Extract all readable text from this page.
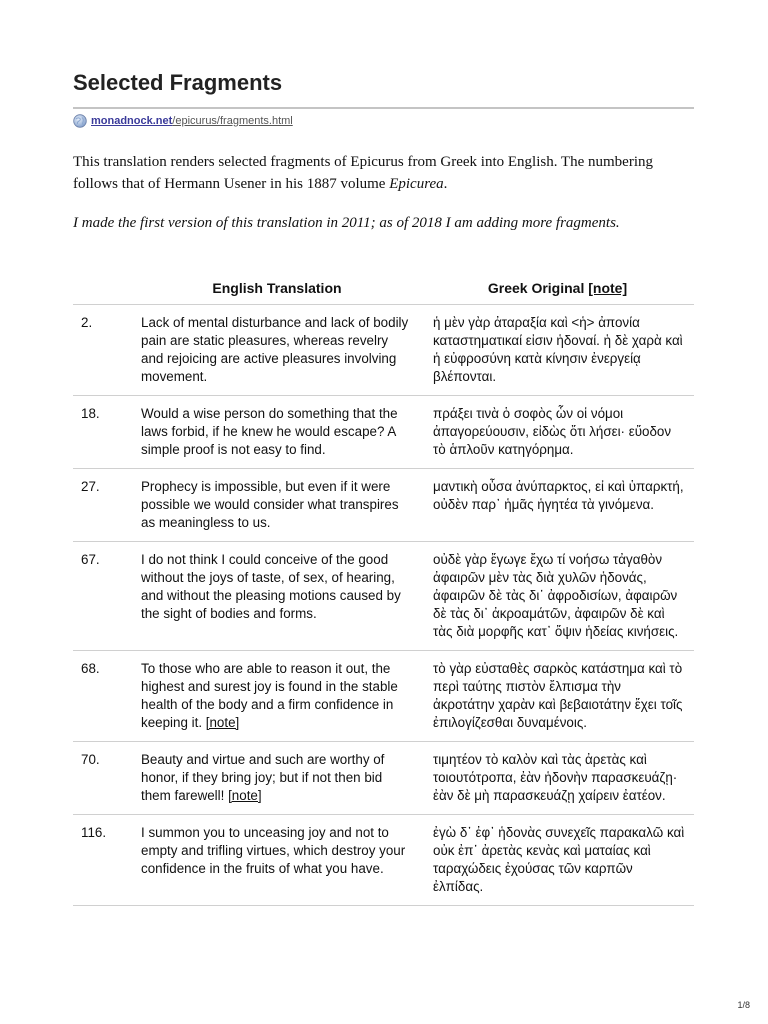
Selected Fragments
monadnock.net /epicurus/fragments.html

This translation renders selected fragments of Epicurus from Greek into English. The numbering follows that of Hermann Usener in his 1887 volume Epicurea.

I made the first version of this translation in 2011; as of 2018 I am adding more fragments.

	English Translation	Greek Original [note]
2.	Lack of mental disturbance and lack of bodily pain are static pleasures, whereas revelry and rejoicing are active pleasures involving movement.	ἡ μὲν γὰρ ἀταραξία καὶ <ἡ> ἀπονία καταστηματικαί εἰσιν ἡδοναί. ἡ δὲ χαρὰ καὶ ἡ εὐφροσύνη κατὰ κίνησιν ἐνεργείᾳ βλέπονται.
18.	Would a wise person do something that the laws forbid, if he knew he would escape? A simple proof is not easy to find.	πράξει τινὰ ὁ σοφὸς ὧν οἱ νόμοι ἀπαγορεύουσιν, εἰδὼς ὅτι λήσει· εὔοδον τὸ ἁπλοῦν κατηγόρημα.
27.	Prophecy is impossible, but even if it were possible we would consider what transpires as meaningless to us.	μαντικὴ οὖσα ἀνύπαρκτος, εἰ καὶ ὑπαρκτή, οὐδὲν παρ᾽ ἡμᾶς ἡγητέα τὰ γινόμενα.
67.	I do not think I could conceive of the good without the joys of taste, of sex, of hearing, and without the pleasing motions caused by the sight of bodies and forms.	οὐδὲ γὰρ ἔγωγε ἔχω τί νοήσω τἀγαθὸν ἀφαιρῶν μὲν τὰς διὰ χυλῶν ἡδονάς, ἀφαιρῶν δὲ τὰς δι᾽ ἀφροδισίων, ἀφαιρῶν δὲ τὰς δι᾽ ἀκροαμάτῶν, ἀφαιρῶν δὲ καὶ τὰς διὰ μορφῆς κατ᾽ ὄψιν ἡδείας κινήσεις.
68.	To those who are able to reason it out, the highest and surest joy is found in the stable health of the body and a firm confidence in keeping it. [note]	τὸ γὰρ εὐσταθὲς σαρκὸς κατάστημα καὶ τὸ περὶ ταύτης πιστὸν ἔλπισμα τὴν ἀκροτάτην χαρὰν καὶ βεβαιοτάτην ἔχει τοῖς ἐπιλογίζεσθαι δυναμένοις.
70.	Beauty and virtue and such are worthy of honor, if they bring joy; but if not then bid them farewell! [note]	τιμητέον τὸ καλὸν καὶ τὰς ἀρετὰς καὶ τοιουτότροπα, ἐὰν ἡδονὴν παρασκευάζῃ· ἐὰν δὲ μὴ παρασκευάζῃ χαίρειν ἐατέον.
116.	I summon you to unceasing joy and not to empty and trifling virtues, which destroy your confidence in the fruits of what you have.	ἐγὼ δ᾽ ἐφ᾽ ἡδονὰς συνεχεῖς παρακαλῶ καὶ οὐκ ἐπ᾽ ἀρετὰς κενὰς καὶ ματαίας καὶ ταραχώδεις ἐχούσας τῶν καρπῶν ἐλπίδας.
1/8
